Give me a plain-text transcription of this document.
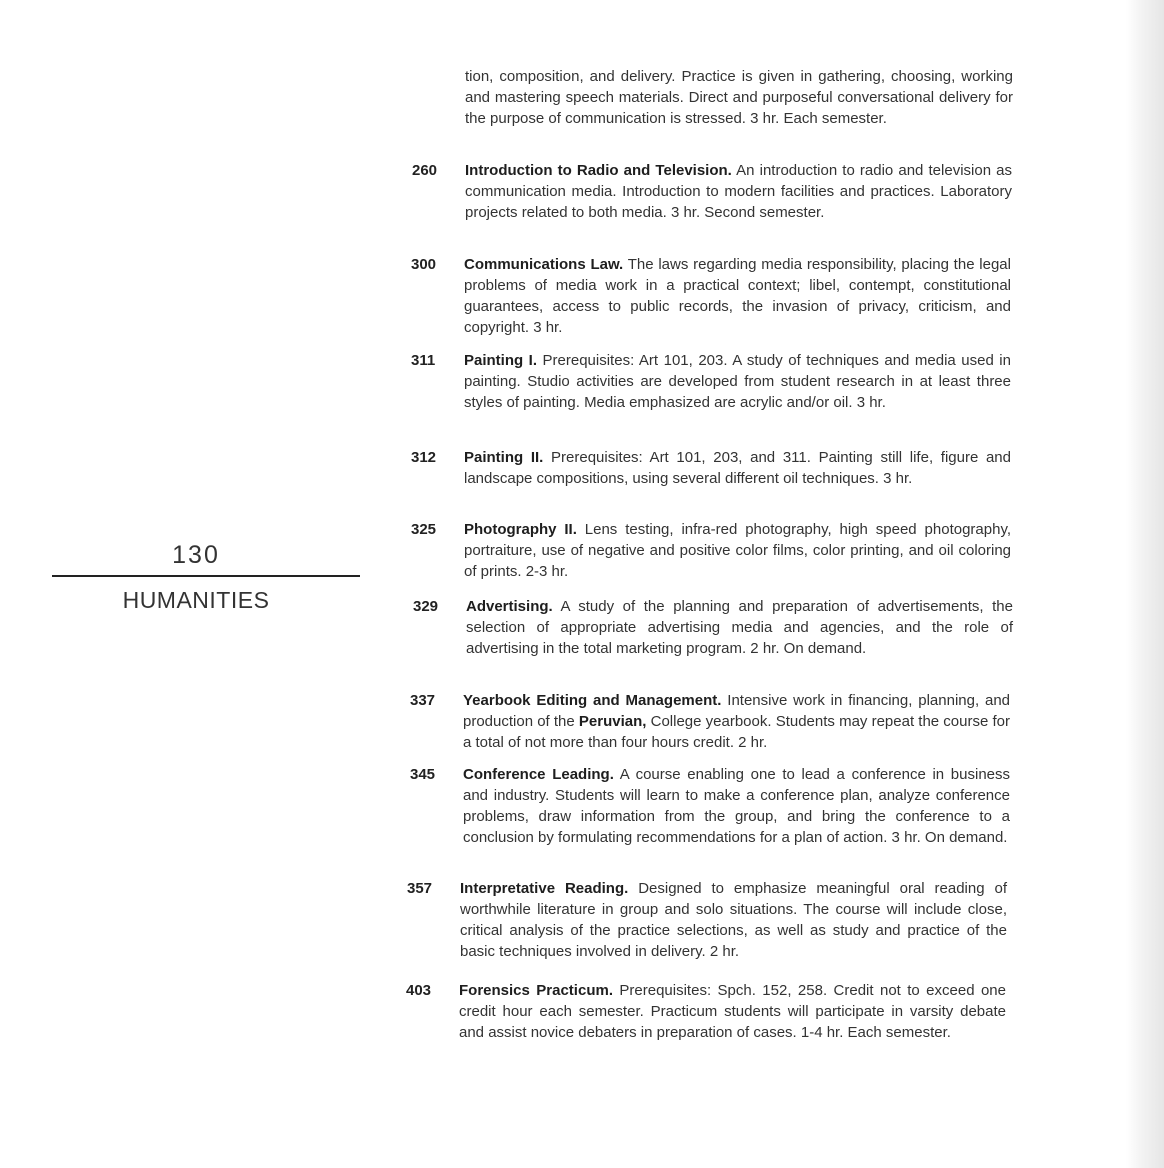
130
HUMANITIES
tion, composition, and delivery. Practice is given in gathering, choosing, working and mastering speech materials. Direct and purposeful conversational delivery for the purpose of communication is stressed. 3 hr. Each semester.
260	Introduction to Radio and Television. An introduction to radio and television as communication media. Introduction to modern facilities and practices. Laboratory projects related to both media. 3 hr. Second semester.
300	Communications Law. The laws regarding media responsibility, placing the legal problems of media work in a practical context; libel, contempt, constitutional guarantees, access to public records, the invasion of privacy, criticism, and copyright. 3 hr.
311	Painting I. Prerequisites: Art 101, 203. A study of techniques and media used in painting. Studio activities are developed from student research in at least three styles of painting. Media emphasized are acrylic and/or oil. 3 hr.
312	Painting II. Prerequisites: Art 101, 203, and 311. Painting still life, figure and landscape compositions, using several different oil techniques. 3 hr.
325	Photography II. Lens testing, infra-red photography, high speed photography, portraiture, use of negative and positive color films, color printing, and oil coloring of prints. 2-3 hr.
329	Advertising. A study of the planning and preparation of advertisements, the selection of appropriate advertising media and agencies, and the role of advertising in the total marketing program. 2 hr. On demand.
337	Yearbook Editing and Management. Intensive work in financing, planning, and production of the Peruvian, College yearbook. Students may repeat the course for a total of not more than four hours credit. 2 hr.
345	Conference Leading. A course enabling one to lead a conference in business and industry. Students will learn to make a conference plan, analyze conference problems, draw information from the group, and bring the conference to a conclusion by formulating recommendations for a plan of action. 3 hr. On demand.
357	Interpretative Reading. Designed to emphasize meaningful oral reading of worthwhile literature in group and solo situations. The course will include close, critical analysis of the practice selections, as well as study and practice of the basic techniques involved in delivery. 2 hr.
403	Forensics Practicum. Prerequisites: Spch. 152, 258. Credit not to exceed one credit hour each semester. Practicum students will participate in varsity debate and assist novice debaters in preparation of cases. 1-4 hr. Each semester.
